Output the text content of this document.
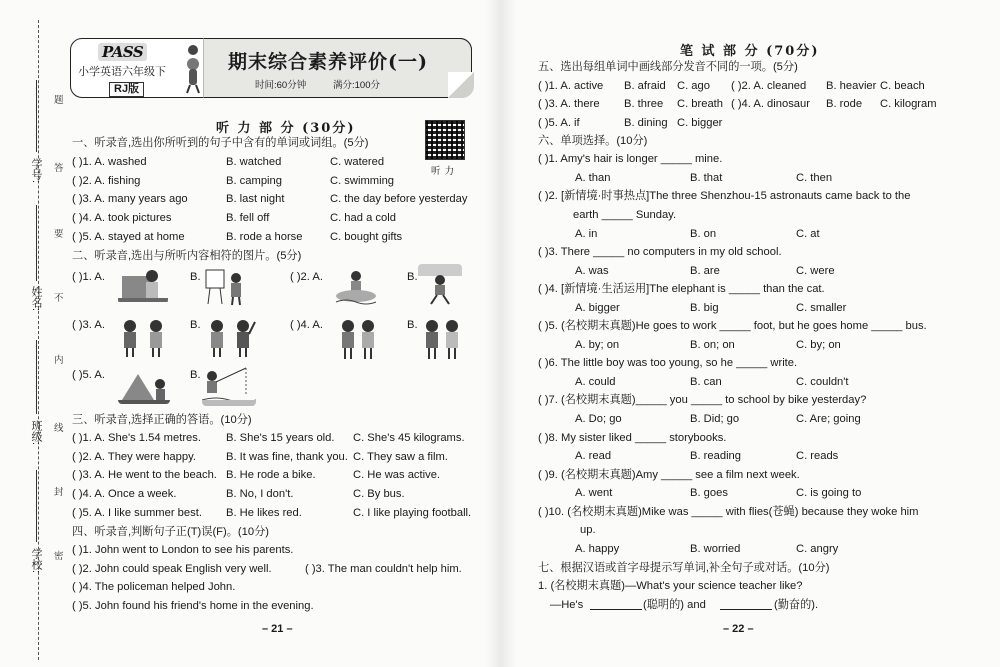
学校:
班级:
姓名:
学号:
题
答
要
不
内
线
封
密
PASS
小学英语六年级下
RJ版
期末综合素养评价(一)
时间:60分钟	满分:100分
听 力 部 分 (30分)
听力
一、听录音,选出你所听到的句子中含有的单词或词组。(5分)
( )1. A. washed	B. watched	C. watered
( )2. A. fishing	B. camping	C. swimming
( )3. A. many years ago	B. last night	C. the day before yesterday
( )4. A. took pictures	B. fell off	C. had a cold
( )5. A. stayed at home	B. rode a horse C. bought gifts
二、听录音,选出与所听内容相符的图片。(5分)
( )1. A.	B.	( )2. A.	B.
( )3. A.	B.	( )4. A.	B.
( )5. A.	B.
三、听录音,选择正确的答语。(10分)
( )1. A. She's 1.54 metres. B. She's 15 years old. C. She's 45 kilograms.
( )2. A. They were happy.	B. It was fine, thank you. C. They saw a film.
( )3. A. He went to the beach. B. He rode a bike.	C. He was active.
( )4. A. Once a week.	B. No, I don't.	C. By bus.
( )5. A. I like summer best. B. He likes red.	C. I like playing football.
四、听录音,判断句子正(T)误(F)。(10分)
( )1. John went to London to see his parents.
( )2. John could speak English very well.	( )3. The man couldn't help him.
( )4. The policeman helped John.
( )5. John found his friend's home in the evening.
– 21 –
笔 试 部 分 (70分)
五、选出每组单词中画线部分发音不同的一项。(5分)
( )1. A. active B. afraid C. ago ( )2. A. cleaned B. heavier C. beach
( )3. A. there B. three C. breath ( )4. A. dinosaur B. rode C. kilogram
( )5. A. if	B. dining C. bigger
六、单项选择。(10分)
( )1. Amy's hair is longer _____ mine.
A. than	B. that	C. then
( )2. [新情境·时事热点]The three Shenzhou-15 astronauts came back to the
earth _____ Sunday.
A. in	B. on	C. at
( )3. There _____ no computers in my old school.
A. was	B. are	C. were
( )4. [新情境·生活运用]The elephant is _____ than the cat.
A. bigger	B. big	C. smaller
( )5. (名校期末真题)He goes to work _____ foot, but he goes home _____ bus.
A. by; on	B. on; on	C. by; on
( )6. The little boy was too young, so he _____ write.
A. could	B. can	C. couldn't
( )7. (名校期末真题)_____ you _____ to school by bike yesterday?
A. Do; go	B. Did; go	C. Are; going
( )8. My sister liked _____ storybooks.
A. read	B. reading	C. reads
( )9. (名校期末真题)Amy _____ see a film next week.
A. went	B. goes	C. is going to
( )10. (名校期末真题)Mike was _____ with flies(苍蝇) because they woke him
up.
A. happy	B. worried	C. angry
七、根据汉语或首字母提示写单词,补全句子或对话。(10分)
1. (名校期末真题)—What's your science teacher like?
—He's	(聪明的) and	(勤奋的).
– 22 –
